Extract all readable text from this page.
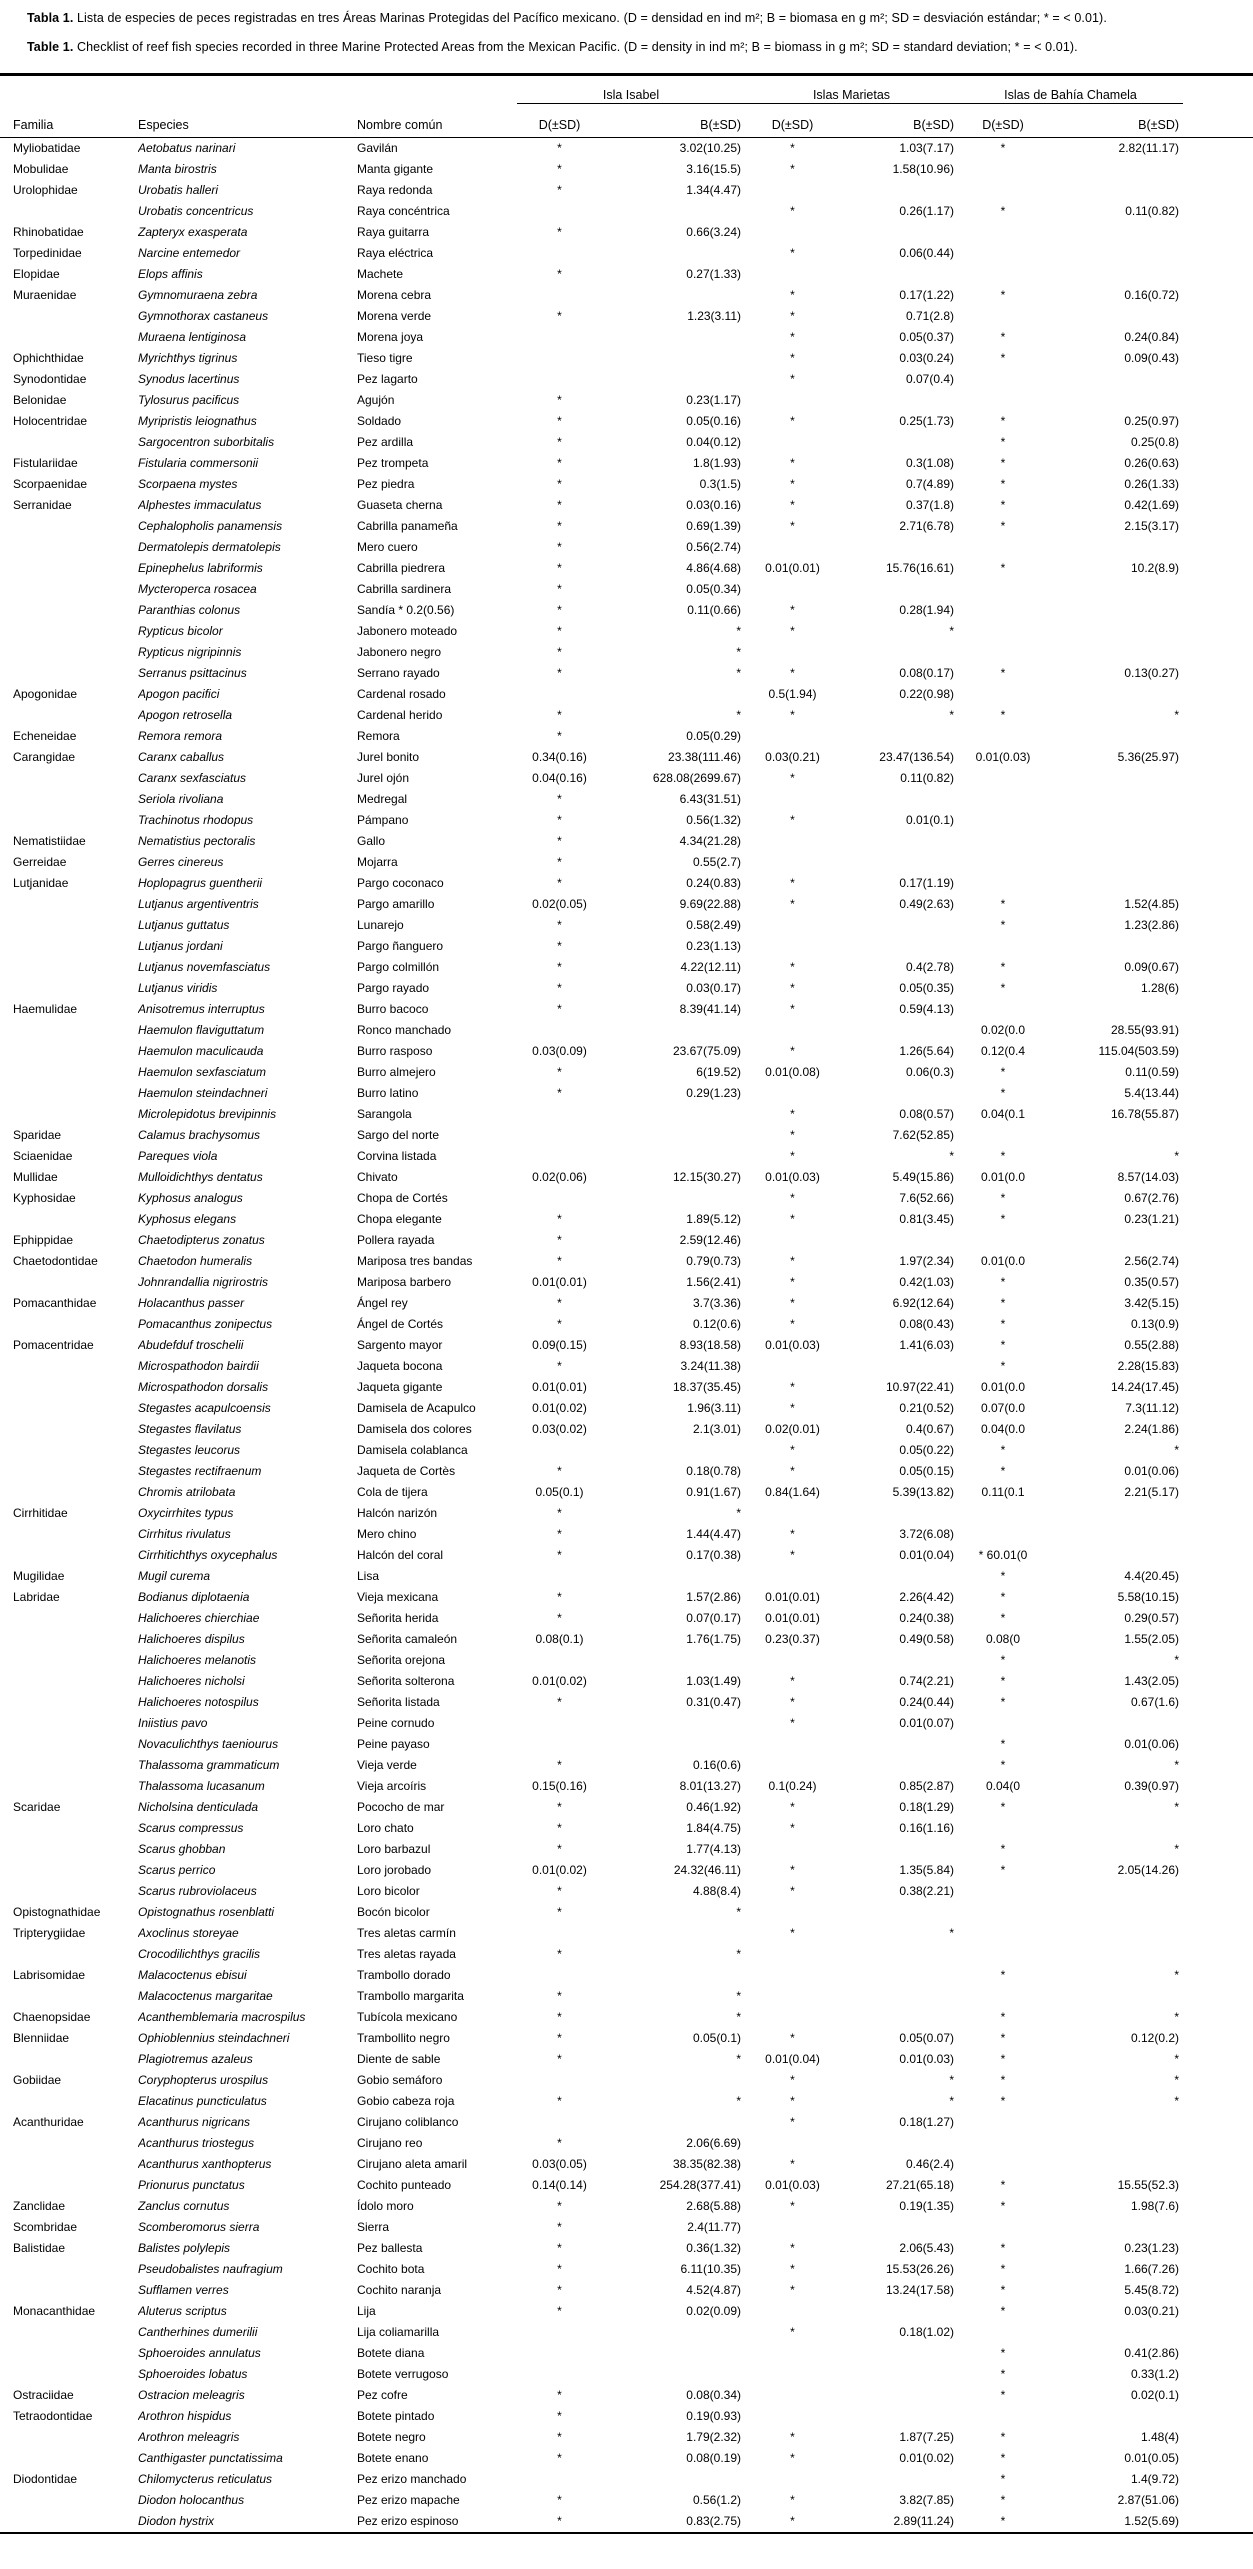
Tabla 1. Lista de especies de peces registradas en tres Áreas Marinas Protegidas del Pacífico mexicano. (D = densidad en ind m²; B = biomasa en g m²; SD = desviación estándar; * = < 0.01).

Table 1. Checklist of reef fish species recorded in three Marine Protected Areas from the Mexican Pacific. (D = density in ind m²; B = biomass in g m²; SD = standard deviation; * = < 0.01).

			Isla Isabel		Islas Marietas		Islas de Bahía Chamela		
Familia	Especies	Nombre común	D(±SD)	B(±SD)	D(±SD)	B(±SD)	D(±SD)	B(±SD)	
Myliobatidae	Aetobatus narinari	Gavilán	*	3.02(10.25)	*	1.03(7.17)	*	2.82(11.17)	
Mobulidae	Manta birostris	Manta gigante	*	3.16(15.5)	*	1.58(10.96)			
Urolophidae	Urobatis halleri	Raya redonda	*	1.34(4.47)					
	Urobatis concentricus	Raya concéntrica			*	0.26(1.17)	*	0.11(0.82)	
Rhinobatidae	Zapteryx exasperata	Raya guitarra	*	0.66(3.24)					
Torpedinidae	Narcine entemedor	Raya eléctrica			*	0.06(0.44)			
Elopidae	Elops affinis	Machete	*	0.27(1.33)					
Muraenidae	Gymnomuraena zebra	Morena cebra			*	0.17(1.22)	*	0.16(0.72)	
	Gymnothorax castaneus	Morena verde	*	1.23(3.11)	*	0.71(2.8)			
	Muraena lentiginosa	Morena joya			*	0.05(0.37)	*	0.24(0.84)	
Ophichthidae	Myrichthys tigrinus	Tieso tigre			*	0.03(0.24)	*	0.09(0.43)	
Synodontidae	Synodus lacertinus	Pez lagarto			*	0.07(0.4)			
Belonidae	Tylosurus pacificus	Agujón	*	0.23(1.17)					
Holocentridae	Myripristis leiognathus	Soldado	*	0.05(0.16)	*	0.25(1.73)	*	0.25(0.97)	
	Sargocentron suborbitalis	Pez ardilla	*	0.04(0.12)			*	0.25(0.8)	
Fistulariidae	Fistularia commersonii	Pez trompeta	*	1.8(1.93)	*	0.3(1.08)	*	0.26(0.63)	
Scorpaenidae	Scorpaena mystes	Pez piedra	*	0.3(1.5)	*	0.7(4.89)	*	0.26(1.33)	
Serranidae	Alphestes immaculatus	Guaseta cherna	*	0.03(0.16)	*	0.37(1.8)	*	0.42(1.69)	
	Cephalopholis panamensis	Cabrilla panameña	*	0.69(1.39)	*	2.71(6.78)	*	2.15(3.17)	
	Dermatolepis dermatolepis	Mero cuero	*	0.56(2.74)					
	Epinephelus labriformis	Cabrilla piedrera	*	4.86(4.68)	0.01(0.01)	15.76(16.61)	*	10.2(8.9)	
	Mycteroperca rosacea	Cabrilla sardinera	*	0.05(0.34)					
	Paranthias colonus	Sandía * 0.2(0.56)	*	0.11(0.66)	*	0.28(1.94)			
	Rypticus bicolor	Jabonero moteado	*	*	*	*			
	Rypticus nigripinnis	Jabonero negro	*	*					
	Serranus psittacinus	Serrano rayado	*	*	*	0.08(0.17)	*	0.13(0.27)	
Apogonidae	Apogon pacifici	Cardenal rosado			0.5(1.94)	0.22(0.98)			
	Apogon retrosella	Cardenal herido	*	*	*	*	*	*	
Echeneidae	Remora remora	Remora	*	0.05(0.29)					
Carangidae	Caranx caballus	Jurel bonito	0.34(0.16)	23.38(111.46)	0.03(0.21)	23.47(136.54)	0.01(0.03)	5.36(25.97)	
	Caranx sexfasciatus	Jurel ojón	0.04(0.16)	628.08(2699.67)	*	0.11(0.82)			
	Seriola rivoliana	Medregal	*	6.43(31.51)					
	Trachinotus rhodopus	Pámpano	*	0.56(1.32)	*	0.01(0.1)			
Nematistiidae	Nematistius pectoralis	Gallo	*	4.34(21.28)					
Gerreidae	Gerres cinereus	Mojarra	*	0.55(2.7)					
Lutjanidae	Hoplopagrus guentherii	Pargo coconaco	*	0.24(0.83)	*	0.17(1.19)			
	Lutjanus argentiventris	Pargo amarillo	0.02(0.05)	9.69(22.88)	*	0.49(2.63)	*	1.52(4.85)	
	Lutjanus guttatus	Lunarejo	*	0.58(2.49)			*	1.23(2.86)	
	Lutjanus jordani	Pargo ñanguero	*	0.23(1.13)					
	Lutjanus novemfasciatus	Pargo colmillón	*	4.22(12.11)	*	0.4(2.78)	*	0.09(0.67)	
	Lutjanus viridis	Pargo rayado	*	0.03(0.17)	*	0.05(0.35)	*	1.28(6)	
Haemulidae	Anisotremus interruptus	Burro bacoco	*	8.39(41.14)	*	0.59(4.13)			
	Haemulon flaviguttatum	Ronco manchado					0.02(0.0	28.55(93.91)	
	Haemulon maculicauda	Burro rasposo	0.03(0.09)	23.67(75.09)	*	1.26(5.64)	0.12(0.4	115.04(503.59)	
	Haemulon sexfasciatum	Burro almejero	*	6(19.52)	0.01(0.08)	0.06(0.3)	*	0.11(0.59)	
	Haemulon steindachneri	Burro latino	*	0.29(1.23)			*	5.4(13.44)	
	Microlepidotus brevipinnis	Sarangola			*	0.08(0.57)	0.04(0.1	16.78(55.87)	
Sparidae	Calamus brachysomus	Sargo del norte			*	7.62(52.85)			
Sciaenidae	Pareques viola	Corvina listada			*	*	*	*	
Mullidae	Mulloidichthys dentatus	Chivato	0.02(0.06)	12.15(30.27)	0.01(0.03)	5.49(15.86)	0.01(0.0	8.57(14.03)	
Kyphosidae	Kyphosus analogus	Chopa de Cortés			*	7.6(52.66)	*	0.67(2.76)	
	Kyphosus elegans	Chopa elegante	*	1.89(5.12)	*	0.81(3.45)	*	0.23(1.21)	
Ephippidae	Chaetodipterus zonatus	Pollera rayada	*	2.59(12.46)					
Chaetodontidae	Chaetodon humeralis	Mariposa tres bandas	*	0.79(0.73)	*	1.97(2.34)	0.01(0.0	2.56(2.74)	
	Johnrandallia nigrirostris	Mariposa barbero	0.01(0.01)	1.56(2.41)	*	0.42(1.03)	*	0.35(0.57)	
Pomacanthidae	Holacanthus passer	Ángel rey	*	3.7(3.36)	*	6.92(12.64)	*	3.42(5.15)	
	Pomacanthus zonipectus	Ángel de Cortés	*	0.12(0.6)	*	0.08(0.43)	*	0.13(0.9)	
Pomacentridae	Abudefduf troschelii	Sargento mayor	0.09(0.15)	8.93(18.58)	0.01(0.03)	1.41(6.03)	*	0.55(2.88)	
	Microspathodon bairdii	Jaqueta bocona	*	3.24(11.38)			*	2.28(15.83)	
	Microspathodon dorsalis	Jaqueta gigante	0.01(0.01)	18.37(35.45)	*	10.97(22.41)	0.01(0.0	14.24(17.45)	
	Stegastes acapulcoensis	Damisela de Acapulco	0.01(0.02)	1.96(3.11)	*	0.21(0.52)	0.07(0.0	7.3(11.12)	
	Stegastes flavilatus	Damisela dos colores	0.03(0.02)	2.1(3.01)	0.02(0.01)	0.4(0.67)	0.04(0.0	2.24(1.86)	
	Stegastes leucorus	Damisela colablanca			*	0.05(0.22)	*	*	
	Stegastes rectifraenum	Jaqueta de Cortès	*	0.18(0.78)	*	0.05(0.15)	*	0.01(0.06)	
	Chromis atrilobata	Cola de tijera	0.05(0.1)	0.91(1.67)	0.84(1.64)	5.39(13.82)	0.11(0.1	2.21(5.17)	
Cirrhitidae	Oxycirrhites typus	Halcón narizón	*	*					
	Cirrhitus rivulatus	Mero chino	*	1.44(4.47)	*	3.72(6.08)			
	Cirrhitichthys oxycephalus	Halcón del coral	*	0.17(0.38)	*	0.01(0.04)	* 60.01(0		
Mugilidae	Mugil curema	Lisa					*	4.4(20.45)	
Labridae	Bodianus diplotaenia	Vieja mexicana	*	1.57(2.86)	0.01(0.01)	2.26(4.42)	*	5.58(10.15)	
	Halichoeres chierchiae	Señorita herida	*	0.07(0.17)	0.01(0.01)	0.24(0.38)	*	0.29(0.57)	
	Halichoeres dispilus	Señorita camaleón	0.08(0.1)	1.76(1.75)	0.23(0.37)	0.49(0.58)	0.08(0	1.55(2.05)	
	Halichoeres melanotis	Señorita orejona					*	*	
	Halichoeres nicholsi	Señorita solterona	0.01(0.02)	1.03(1.49)	*	0.74(2.21)	*	1.43(2.05)	
	Halichoeres notospilus	Señorita listada	*	0.31(0.47)	*	0.24(0.44)	*	0.67(1.6)	
	Iniistius pavo	Peine cornudo			*	0.01(0.07)			
	Novaculichthys taeniourus	Peine payaso					*	0.01(0.06)	
	Thalassoma grammaticum	Vieja verde	*	0.16(0.6)			*	*	
	Thalassoma lucasanum	Vieja arcoíris	0.15(0.16)	8.01(13.27)	0.1(0.24)	0.85(2.87)	0.04(0	0.39(0.97)	
Scaridae	Nicholsina denticulada	Pococho de mar	*	0.46(1.92)	*	0.18(1.29)	*	*	
	Scarus compressus	Loro chato	*	1.84(4.75)	*	0.16(1.16)			
	Scarus ghobban	Loro barbazul	*	1.77(4.13)			*	*	
	Scarus perrico	Loro jorobado	0.01(0.02)	24.32(46.11)	*	1.35(5.84)	*	2.05(14.26)	
	Scarus rubroviolaceus	Loro bicolor	*	4.88(8.4)	*	0.38(2.21)			
Opistognathidae	Opistognathus rosenblatti	Bocón bicolor	*	*					
Tripterygiidae	Axoclinus storeyae	Tres aletas carmín			*	*			
	Crocodilichthys gracilis	Tres aletas rayada	*	*					
Labrisomidae	Malacoctenus ebisui	Trambollo dorado					*	*	
	Malacoctenus margaritae	Trambollo margarita	*	*					
Chaenopsidae	Acanthemblemaria macrospilus	Tubícola mexicano	*	*			*	*	
Blenniidae	Ophioblennius steindachneri	Trambollito negro	*	0.05(0.1)	*	0.05(0.07)	*	0.12(0.2)	
	Plagiotremus azaleus	Diente de sable	*	*	0.01(0.04)	0.01(0.03)	*	*	
Gobiidae	Coryphopterus urospilus	Gobio semáforo			*	*	*	*	
	Elacatinus puncticulatus	Gobio cabeza roja	*	*	*	*	*	*	
Acanthuridae	Acanthurus nigricans	Cirujano coliblanco			*	0.18(1.27)			
	Acanthurus triostegus	Cirujano reo	*	2.06(6.69)					
	Acanthurus xanthopterus	Cirujano aleta amaril	0.03(0.05)	38.35(82.38)	*	0.46(2.4)			
	Prionurus punctatus	Cochito punteado	0.14(0.14)	254.28(377.41)	0.01(0.03)	27.21(65.18)	*	15.55(52.3)	
Zanclidae	Zanclus cornutus	Ídolo moro	*	2.68(5.88)	*	0.19(1.35)	*	1.98(7.6)	
Scombridae	Scomberomorus sierra	Sierra	*	2.4(11.77)					
Balistidae	Balistes polylepis	Pez ballesta	*	0.36(1.32)	*	2.06(5.43)	*	0.23(1.23)	
	Pseudobalistes naufragium	Cochito bota	*	6.11(10.35)	*	15.53(26.26)	*	1.66(7.26)	
	Sufflamen verres	Cochito naranja	*	4.52(4.87)	*	13.24(17.58)	*	5.45(8.72)	
Monacanthidae	Aluterus scriptus	Lija	*	0.02(0.09)			*	0.03(0.21)	
	Cantherhines dumerilii	Lija coliamarilla			*	0.18(1.02)			
	Sphoeroides annulatus	Botete diana					*	0.41(2.86)	
	Sphoeroides lobatus	Botete verrugoso					*	0.33(1.2)	
Ostraciidae	Ostracion meleagris	Pez cofre	*	0.08(0.34)			*	0.02(0.1)	
Tetraodontidae	Arothron hispidus	Botete pintado	*	0.19(0.93)					
	Arothron meleagris	Botete negro	*	1.79(2.32)	*	1.87(7.25)	*	1.48(4)	
	Canthigaster punctatissima	Botete enano	*	0.08(0.19)	*	0.01(0.02)	*	0.01(0.05)	
Diodontidae	Chilomycterus reticulatus	Pez erizo manchado					*	1.4(9.72)	
	Diodon holocanthus	Pez erizo mapache	*	0.56(1.2)	*	3.82(7.85)	*	2.87(51.06)	
	Diodon hystrix	Pez erizo espinoso	*	0.83(2.75)	*	2.89(11.24)	*	1.52(5.69)	
